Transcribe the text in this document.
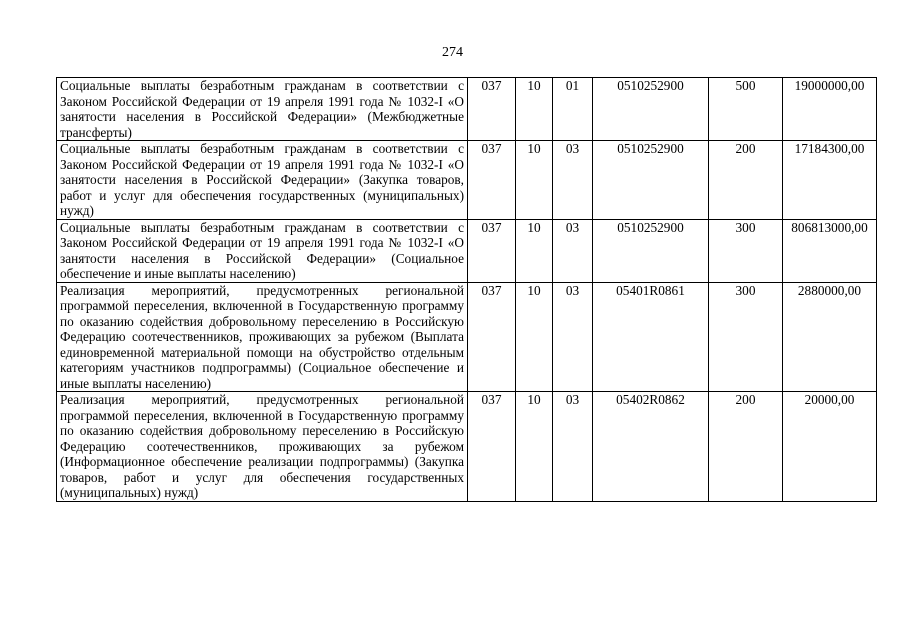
274
Социальные выплаты безработным гражданам в соответствии с Законом Российской Федерации от 19 апреля 1991 года № 1032-I «О занятости населения в Российской Федерации» (Межбюджетные трансферты)	037	10	01	0510252900	500	19000000,00
Социальные выплаты безработным гражданам в соответствии с Законом Российской Федерации от 19 апреля 1991 года № 1032-I «О занятости населения в Российской Федерации» (Закупка товаров, работ и услуг для обеспечения государственных (муниципальных) нужд)	037	10	03	0510252900	200	17184300,00
Социальные выплаты безработным гражданам в соответствии с Законом Российской Федерации от 19 апреля 1991 года № 1032-I «О занятости населения в Российской Федерации» (Социальное обеспечение и иные выплаты населению)	037	10	03	0510252900	300	806813000,00
Реализация мероприятий, предусмотренных региональной программой переселения, включенной в Государственную программу по оказанию содействия добровольному переселению в Российскую Федерацию соотечественников, проживающих за рубежом (Выплата единовременной материальной помощи на обустройство отдельным категориям участников подпрограммы) (Социальное обеспечение и иные выплаты населению)	037	10	03	05401R0861	300	2880000,00
Реализация мероприятий, предусмотренных региональной программой переселения, включенной в Государственную программу по оказанию содействия добровольному переселению в Российскую Федерацию соотечественников, проживающих за рубежом (Информационное обеспечение реализации подпрограммы) (Закупка товаров, работ и услуг для обеспечения государственных (муниципальных) нужд)	037	10	03	05402R0862	200	20000,00
